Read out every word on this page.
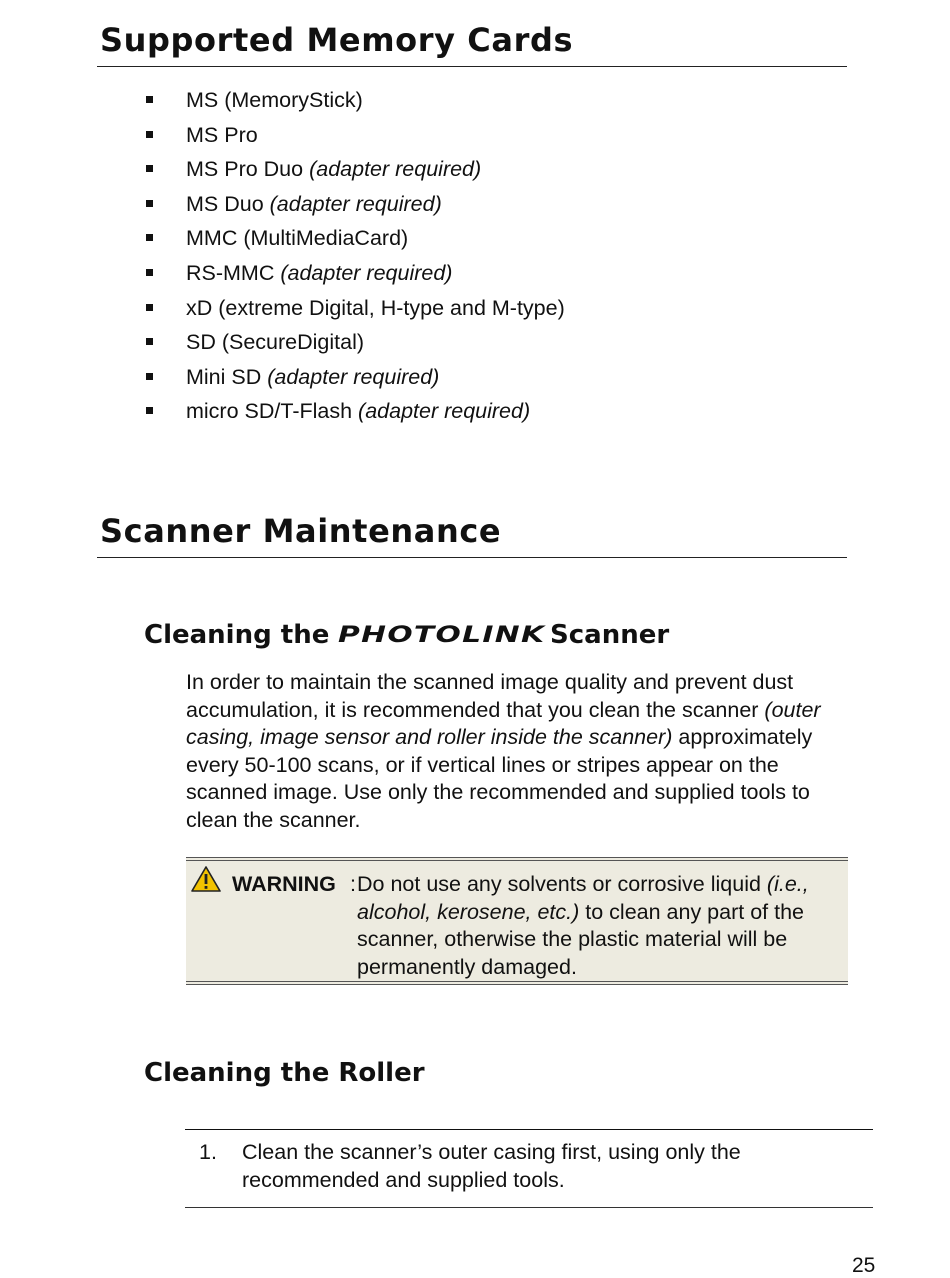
Supported Memory Cards
MS (MemoryStick)
MS Pro
MS Pro Duo (adapter required)
MS Duo (adapter required)
MMC (MultiMediaCard)
RS-MMC (adapter required)
xD (extreme Digital, H-type and M-type)
SD (SecureDigital)
Mini SD (adapter required)
micro SD/T-Flash (adapter required)
Scanner Maintenance
Cleaning the PHOTOLINK Scanner

In order to maintain the scanned image quality and prevent dust accumulation, it is recommended that you clean the scanner (outer casing, image sensor and roller inside the scanner) approximately every 50-100 scans, or if vertical lines or stripes appear on the scanned image. Use only the recommended and supplied tools to clean the scanner.

WARNING : Do not use any solvents or corrosive liquid (i.e., alcohol, kerosene, etc.) to clean any part of the scanner, otherwise the plastic material will be permanently damaged.

Cleaning the Roller
1. Clean the scanner’s outer casing first, using only the recommended and supplied tools.

25
